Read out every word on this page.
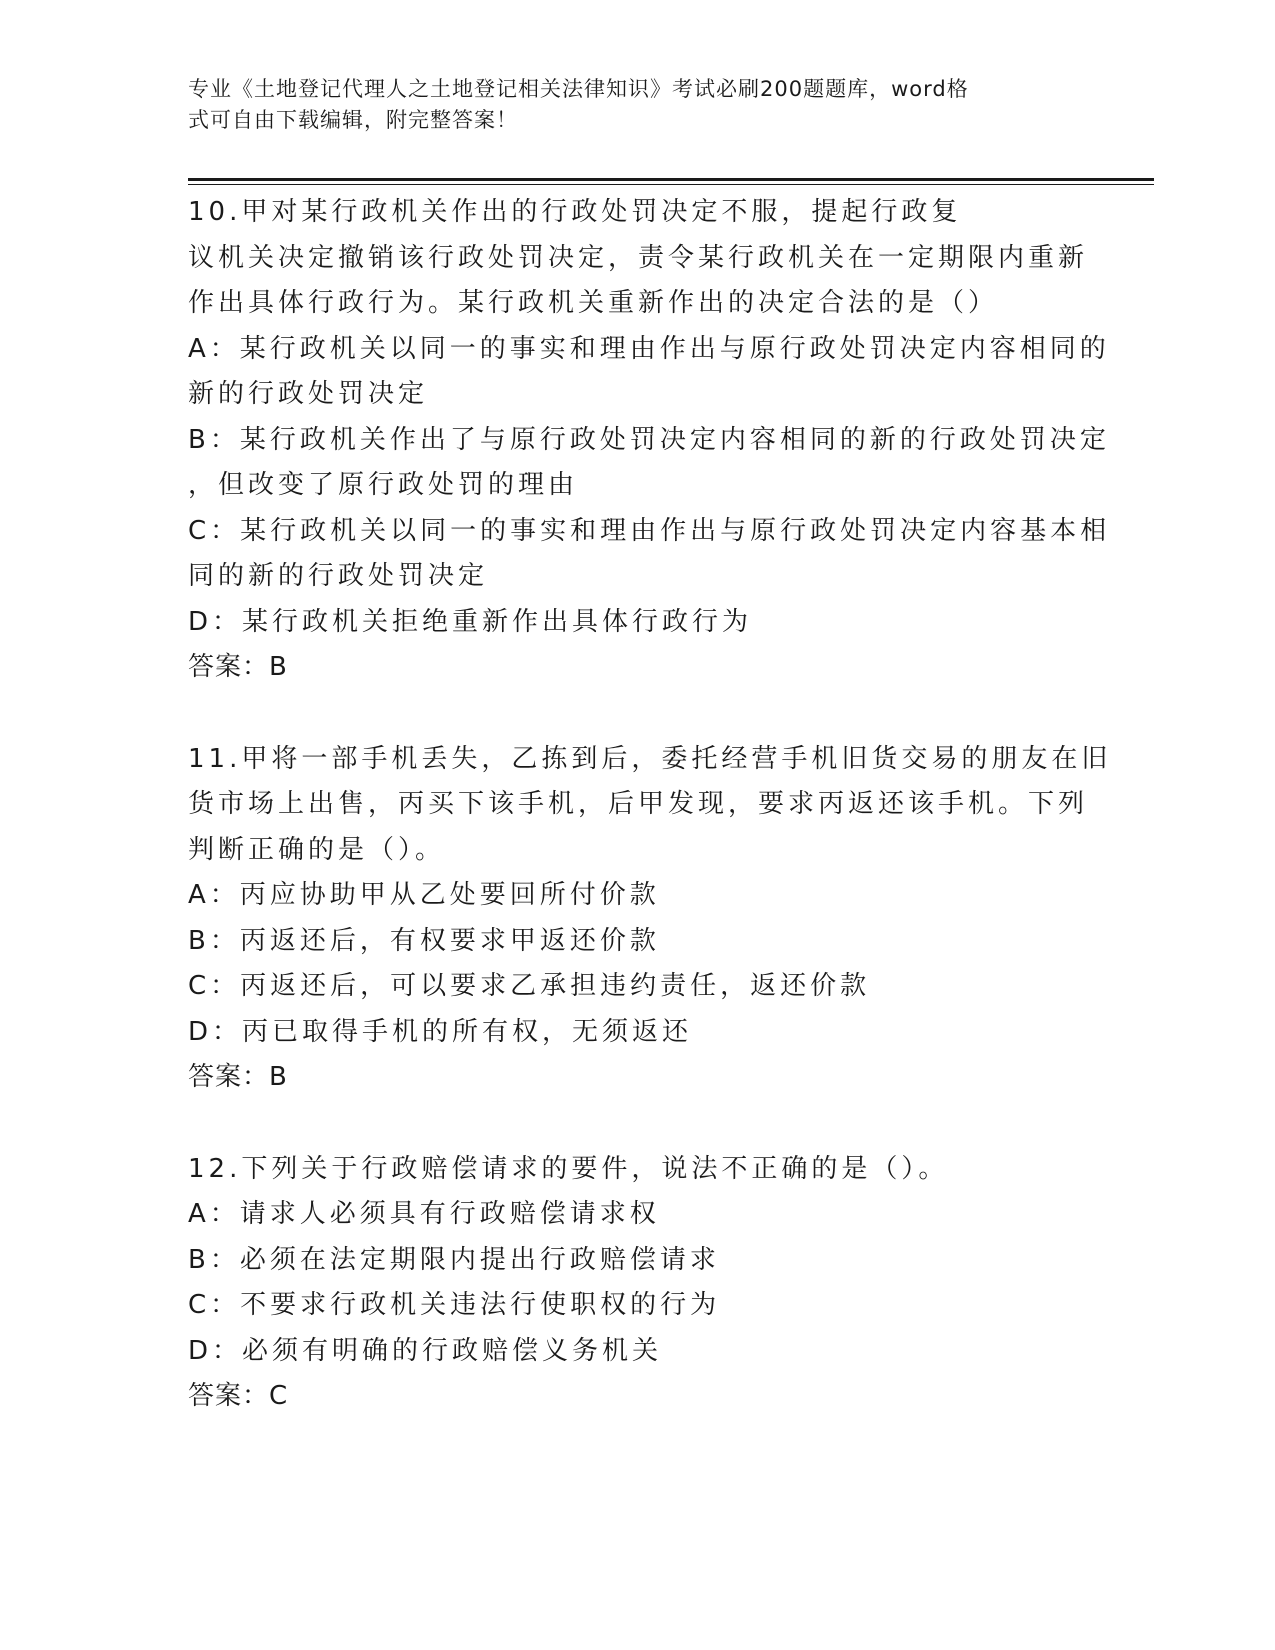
专业《土地登记代理人之土地登记相关法律知识》考试必刷200题题库，word格
式可自由下载编辑，附完整答案！
10.甲对某行政机关作出的行政处罚决定不服，提起行政复
议机关决定撤销该行政处罚决定，责令某行政机关在一定期限内重新
作出具体行政行为。某行政机关重新作出的决定合法的是（）
A：某行政机关以同一的事实和理由作出与原行政处罚决定内容相同的
新的行政处罚决定
B：某行政机关作出了与原行政处罚决定内容相同的新的行政处罚决定
，但改变了原行政处罚的理由
C：某行政机关以同一的事实和理由作出与原行政处罚决定内容基本相
同的新的行政处罚决定
D：某行政机关拒绝重新作出具体行政行为
答案：B
11.甲将一部手机丢失，乙拣到后，委托经营手机旧货交易的朋友在旧
货市场上出售，丙买下该手机，后甲发现，要求丙返还该手机。下列
判断正确的是（）。
A：丙应协助甲从乙处要回所付价款
B：丙返还后，有权要求甲返还价款
C：丙返还后，可以要求乙承担违约责任，返还价款
D：丙已取得手机的所有权，无须返还
答案：B
12.下列关于行政赔偿请求的要件，说法不正确的是（）。
A：请求人必须具有行政赔偿请求权
B：必须在法定期限内提出行政赔偿请求
C：不要求行政机关违法行使职权的行为
D：必须有明确的行政赔偿义务机关
答案：C
